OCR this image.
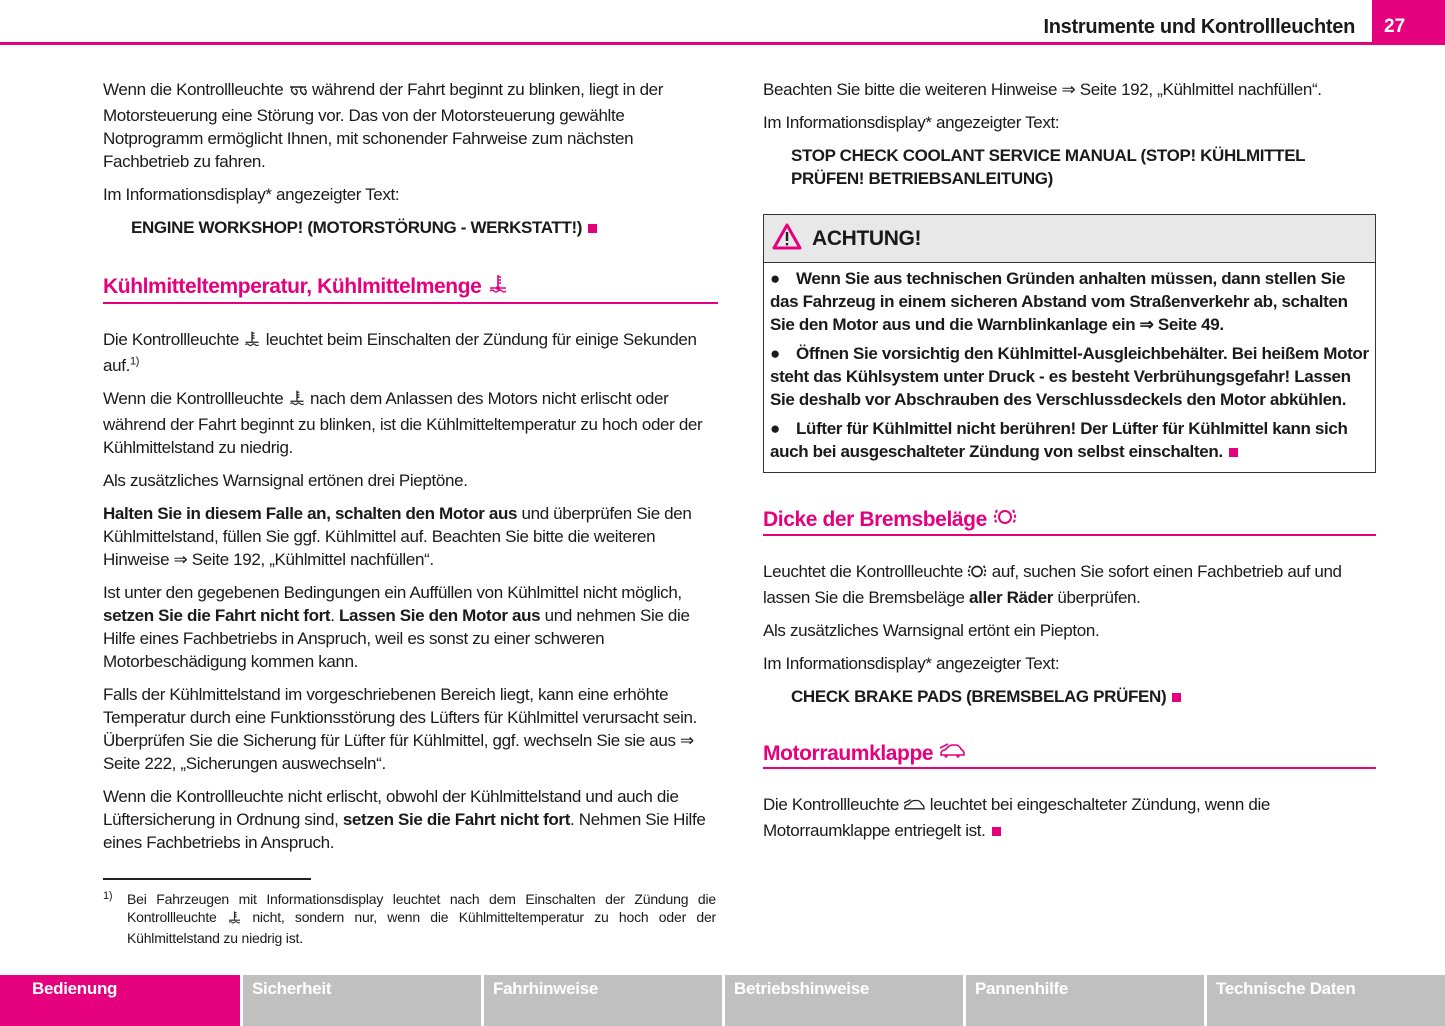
Instrumente und Kontrollleuchten	27

Wenn die Kontrollleuchte während der Fahrt beginnt zu blinken, liegt in der Motorsteuerung eine Störung vor. Das von der Motorsteuerung gewählte Notprogramm ermöglicht Ihnen, mit schonender Fahrweise zum nächsten Fachbetrieb zu fahren.

Im Informationsdisplay* angezeigter Text:

ENGINE WORKSHOP! (MOTORSTÖRUNG - WERKSTATT!)
Kühlmitteltemperatur, Kühlmittelmenge

Die Kontrollleuchte leuchtet beim Einschalten der Zündung für einige Sekunden auf.$^{1)}$

Wenn die Kontrollleuchte nach dem Anlassen des Motors nicht erlischt oder während der Fahrt beginnt zu blinken, ist die Kühlmitteltemperatur zu hoch oder der Kühlmittelstand zu niedrig.

Als zusätzliches Warnsignal ertönen drei Pieptöne.

Halten Sie in diesem Falle an, schalten den Motor aus und überprüfen Sie den Kühlmittelstand, füllen Sie ggf. Kühlmittel auf. Beachten Sie bitte die weiteren Hinweise ⇒ Seite 192, „Kühlmittel nachfüllen“.

Ist unter den gegebenen Bedingungen ein Auffüllen von Kühlmittel nicht möglich, setzen Sie die Fahrt nicht fort. Lassen Sie den Motor aus und nehmen Sie die Hilfe eines Fachbetriebs in Anspruch, weil es sonst zu einer schweren Motorbeschädigung kommen kann.

Falls der Kühlmittelstand im vorgeschriebenen Bereich liegt, kann eine erhöhte Temperatur durch eine Funktionsstörung des Lüfters für Kühlmittel verursacht sein. Überprüfen Sie die Sicherung für Lüfter für Kühlmittel, ggf. wechseln Sie sie aus ⇒ Seite 222, „Sicherungen auswechseln“.

Wenn die Kontrollleuchte nicht erlischt, obwohl der Kühlmittelstand und auch die Lüftersicherung in Ordnung sind, setzen Sie die Fahrt nicht fort. Nehmen Sie Hilfe eines Fachbetriebs in Anspruch.

1) Bei Fahrzeugen mit Informationsdisplay leuchtet nach dem Einschalten der Zündung die Kontrollleuchte	nicht, sondern nur, wenn die Kühlmitteltemperatur zu hoch oder der Kühlmittelstand zu niedrig ist.

Beachten Sie bitte die weiteren Hinweise ⇒ Seite 192, „Kühlmittel nachfüllen“.

Im Informationsdisplay* angezeigter Text:

STOP CHECK COOLANT SERVICE MANUAL (STOP! KÜHLMITTEL PRÜFEN! BETRIEBSANLEITUNG)
ACHTUNG!

● Wenn Sie aus technischen Gründen anhalten müssen, dann stellen Sie das Fahrzeug in einem sicheren Abstand vom Straßenverkehr ab, schalten Sie den Motor aus und die Warnblinkanlage ein ⇒ Seite 49.

● Öffnen Sie vorsichtig den Kühlmittel-Ausgleichbehälter. Bei heißem Motor steht das Kühlsystem unter Druck - es besteht Verbrühungsgefahr! Lassen Sie deshalb vor Abschrauben des Verschlussdeckels den Motor abkühlen.

● Lüfter für Kühlmittel nicht berühren! Der Lüfter für Kühlmittel kann sich auch bei ausgeschalteter Zündung von selbst einschalten.

Dicke der Bremsbeläge

Leuchtet die Kontrollleuchte auf, suchen Sie sofort einen Fachbetrieb auf und lassen Sie die Bremsbeläge aller Räder überprüfen.

Als zusätzliches Warnsignal ertönt ein Piepton.

Im Informationsdisplay* angezeigter Text:

CHECK BRAKE PADS (BREMSBELAG PRÜFEN)
Motorraumklappe

Die Kontrollleuchte leuchtet bei eingeschalteter Zündung, wenn die Motorraumklappe entriegelt ist.

Bedienung	Sicherheit	Fahrhinweise	Betriebshinweise	Pannenhilfe	Technische Daten
